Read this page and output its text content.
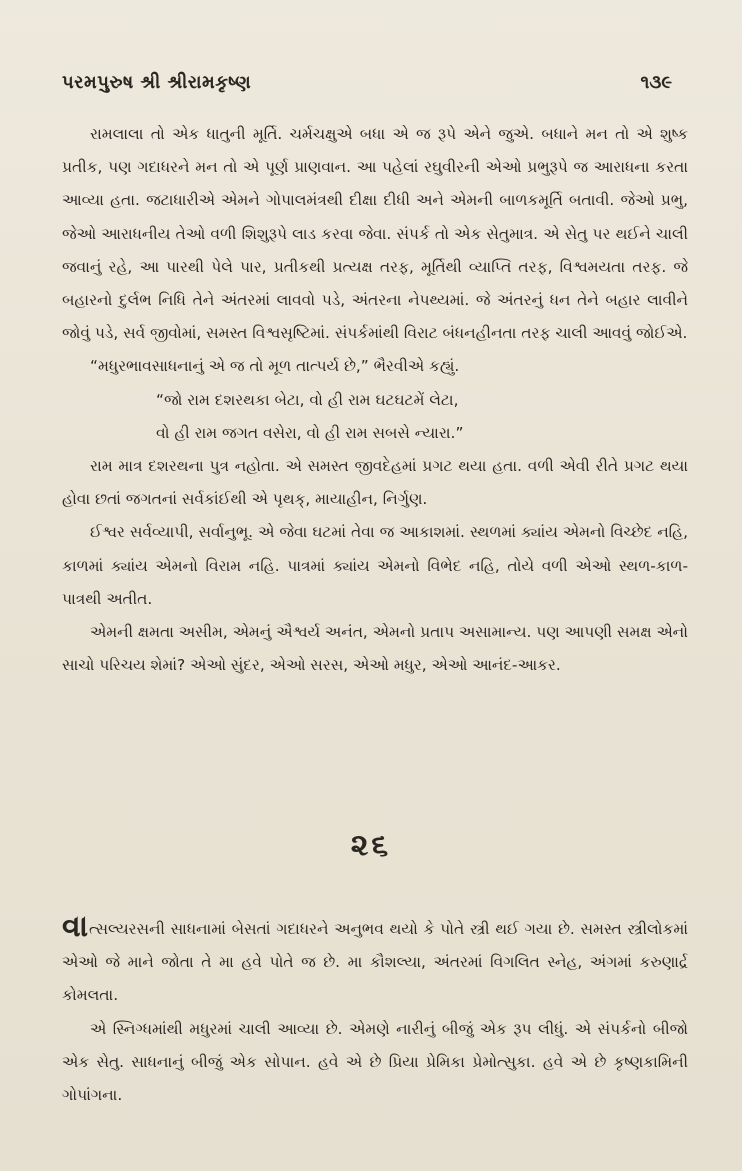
પરમપુરુષ શ્રી શ્રીરામકૃષ્ણ	૧૩૯

રામલાલા તો એક ધાતુની મૂર્તિ. ચર્મચક્ષુએ બધા એ જ રૂપે એને જુએ. બધાને મન તો એ શુષ્ક પ્રતીક, પણ ગદાધરને મન તો એ પૂર્ણ પ્રાણવાન. આ પહેલાં રઘુવીરની એઓ પ્રભુરૂપે જ આરાધના કરતા આવ્યા હતા. જટાધારીએ એમને ગોપાલમંત્રથી દીક્ષા દીધી અને એમની બાળકમૂર્તિ બતાવી. જેઓ પ્રભુ, જેઓ આરાધનીય તેઓ વળી શિશુરૂપે લાડ કરવા જેવા. સંપર્ક તો એક સેતુમાત્ર. એ સેતુ પર થઈને ચાલી જવાનું રહે, આ પારથી પેલે પાર, પ્રતીકથી પ્રત્યક્ષ તરફ, મૂર્તિથી વ્યાપ્તિ તરફ, વિશ્વમયતા તરફ. જે બહારનો દુર્લભ નિધિ તેને અંતરમાં લાવવો પડે, અંતરના નેપથ્યમાં. જે અંતરનું ધન તેને બહાર લાવીને જોવું પડે, સર્વ જીવોમાં, સમસ્ત વિશ્વસૃષ્ટિમાં. સંપર્કમાંથી વિરાટ બંધનહીનતા તરફ ચાલી આવવું જોઈએ.

“મધુરભાવસાધનાનું એ જ તો મૂળ તાત્પર્ય છે,” ભૈરવીએ કહ્યું.

“જો રામ દશરથકા બેટા, વો હી રામ ઘટઘટમેં લેટા,

વો હી રામ જગત વસેરા, વો હી રામ સબસે ન્યારા.”

રામ માત્ર દશરથના પુત્ર નહોતા. એ સમસ્ત જીવદેહમાં પ્રગટ થયા હતા. વળી એવી રીતે પ્રગટ થયા હોવા છતાં જગતનાં સર્વકાંઈથી એ પૃથક્, માયાહીન, નિર્ગુણ.

ઈશ્વર સર્વવ્યાપી, સર્વાનુભૂ. એ જેવા ઘટમાં તેવા જ આકાશમાં. સ્થળમાં ક્યાંય એમનો વિચ્છેદ નહિ, કાળમાં ક્યાંય એમનો વિરામ નહિ. પાત્રમાં ક્યાંય એમનો વિભેદ નહિ, તોયે વળી એઓ સ્થળ-કાળ-પાત્રથી અતીત.

એમની ક્ષમતા અસીમ, એમનું ઐશ્વર્ય અનંત, એમનો પ્રતાપ અસામાન્ય. પણ આપણી સમક્ષ એનો સાચો પરિચય શેમાં? એઓ સુંદર, એઓ સરસ, એઓ મધુર, એઓ આનંદ-આકર.

૨૬

વાત્સલ્યરસની સાધનામાં બેસતાં ગદાધરને અનુભવ થયો કે પોતે સ્ત્રી થઈ ગયા છે. સમસ્ત સ્ત્રીલોકમાં એઓ જે માને જોતા તે મા હવે પોતે જ છે. મા કૌશલ્યા, અંતરમાં વિગલિત સ્નેહ, અંગમાં કરુણાર્દ્ર કોમલતા.

એ સ્નિગ્ધમાંથી મધુરમાં ચાલી આવ્યા છે. એમણે નારીનું બીજું એક રૂપ લીધું. એ સંપર્કનો બીજો એક સેતુ. સાધનાનું બીજું એક સોપાન. હવે એ છે પ્રિયા પ્રેમિકા પ્રેમોત્સુકા. હવે એ છે કૃષ્ણકામિની ગોપાંગના.
